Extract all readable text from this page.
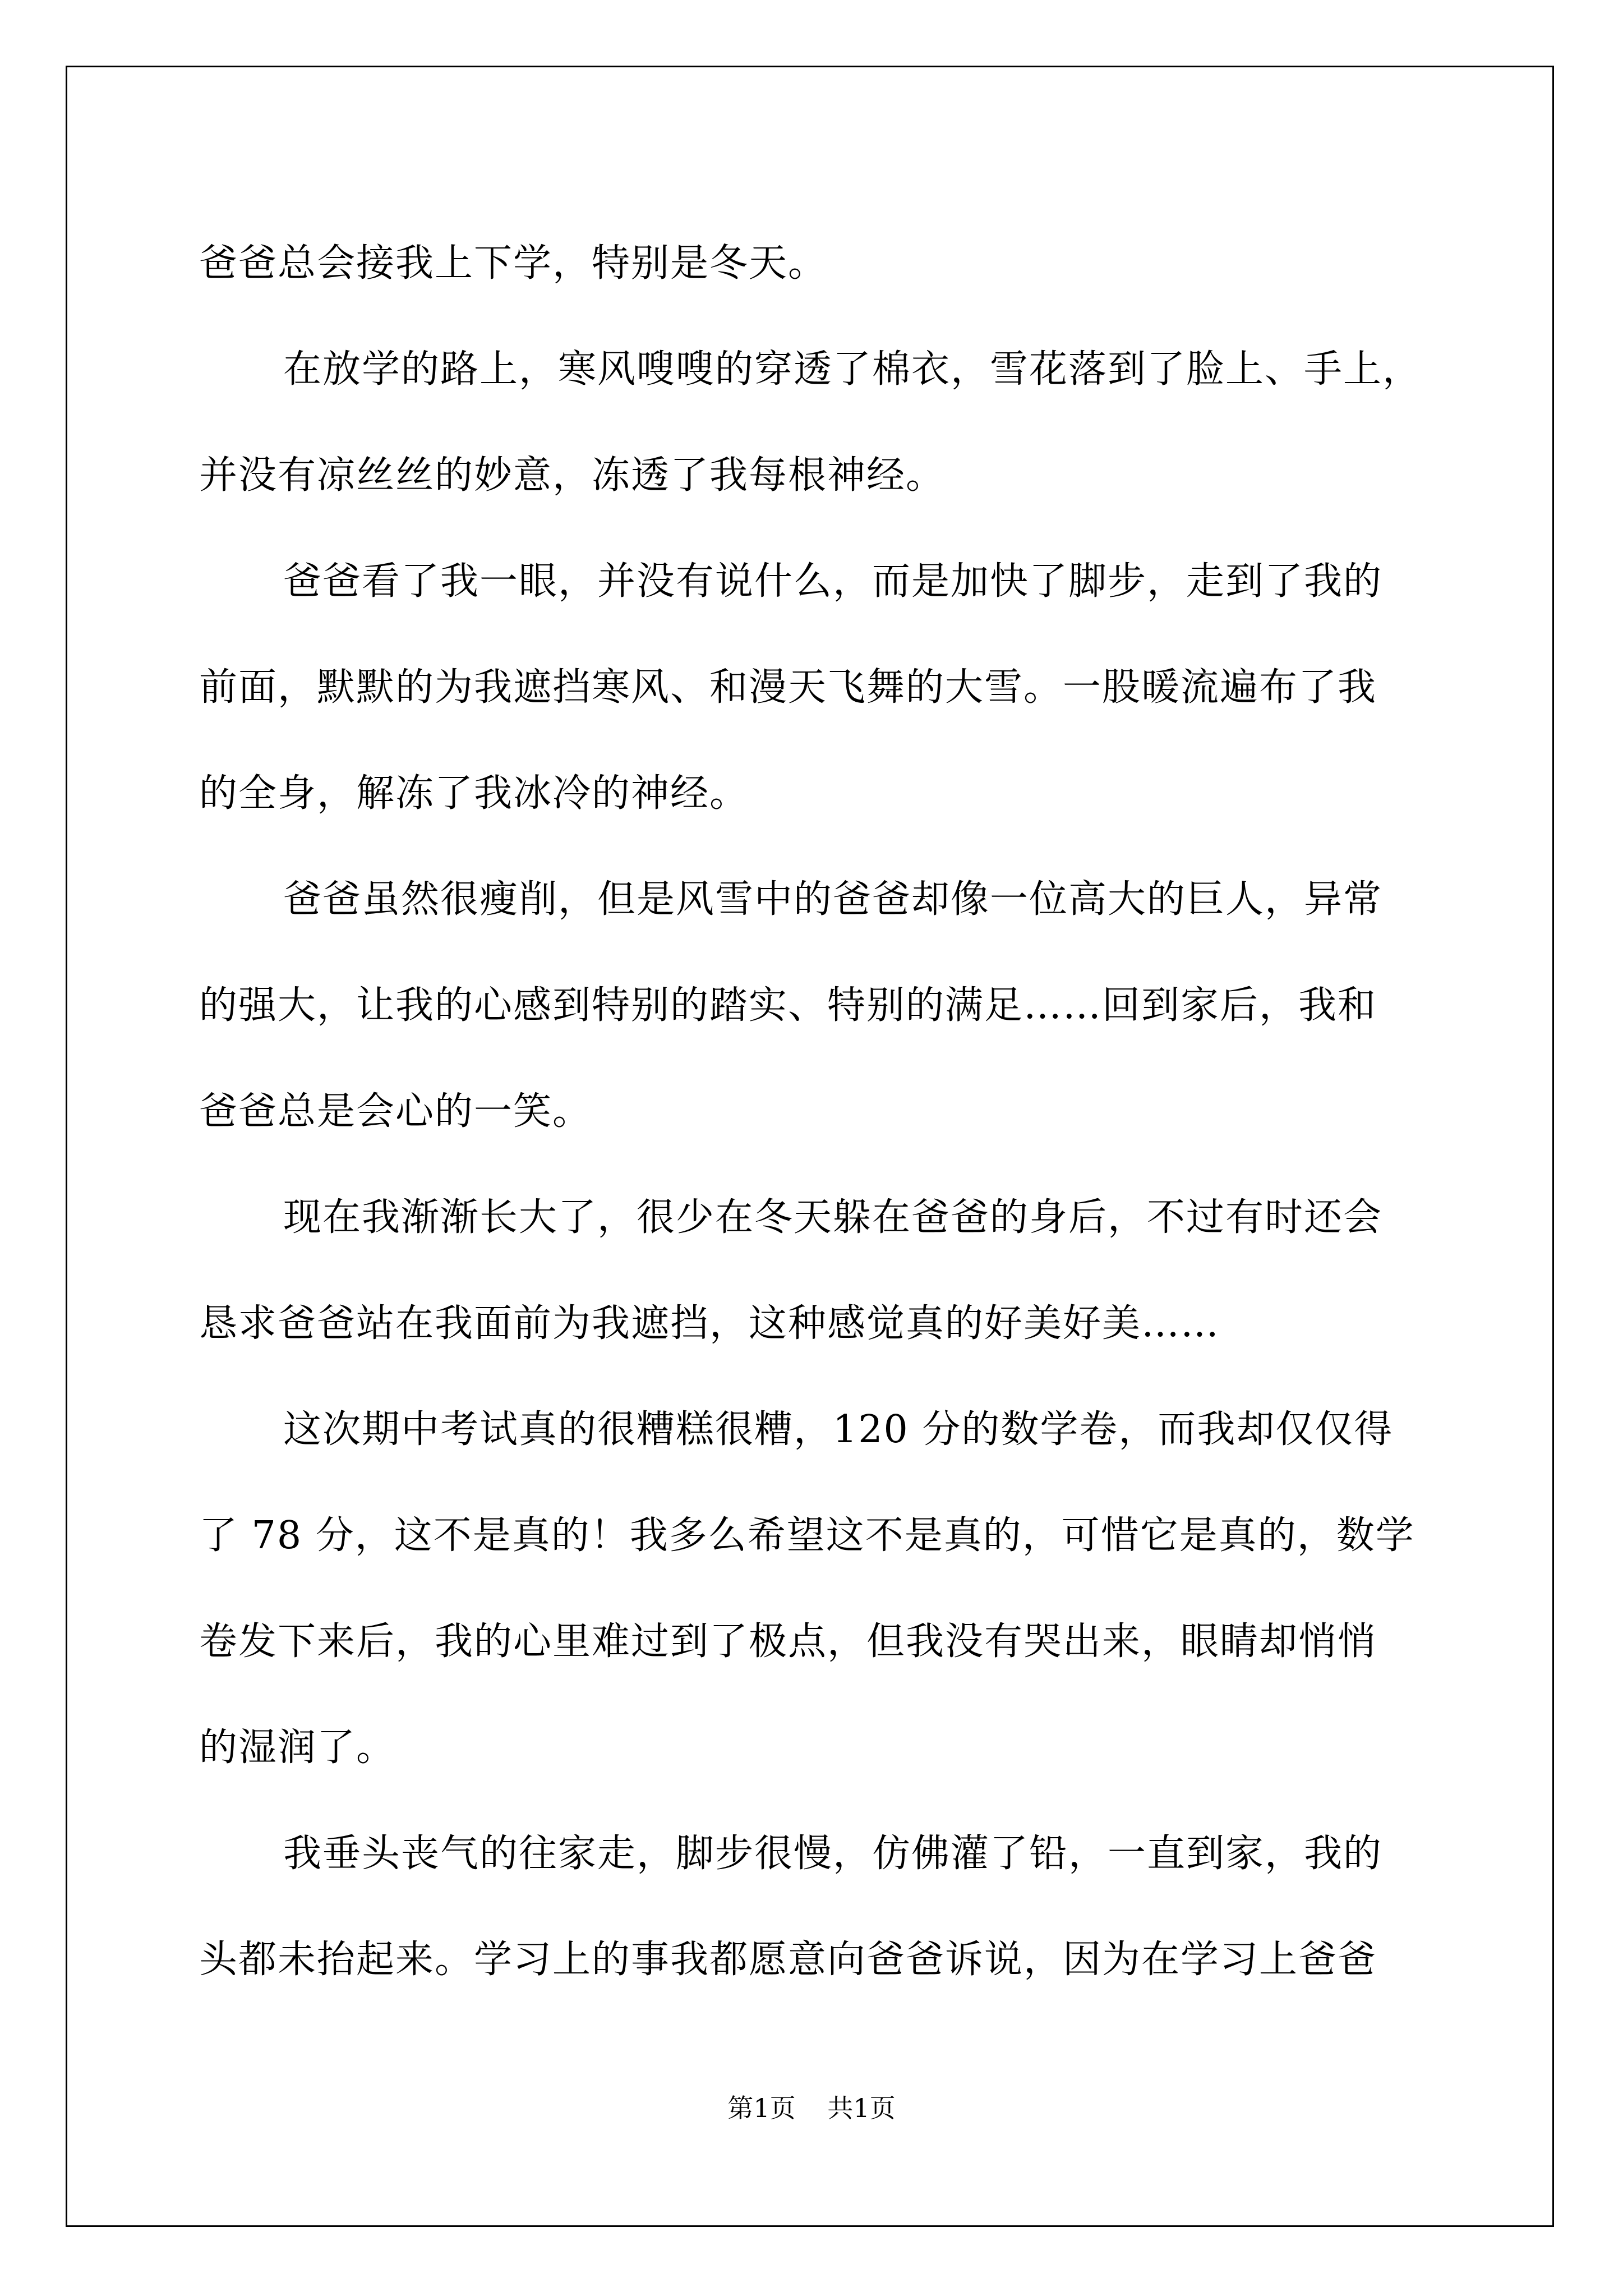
爸爸总会接我上下学，特别是冬天。
在放学的路上，寒风嗖嗖的穿透了棉衣，雪花落到了脸上、手上，
并没有凉丝丝的妙意，冻透了我每根神经。
爸爸看了我一眼，并没有说什么，而是加快了脚步，走到了我的
前面，默默的为我遮挡寒风、和漫天飞舞的大雪。一股暖流遍布了我
的全身，解冻了我冰冷的神经。
爸爸虽然很瘦削，但是风雪中的爸爸却像一位高大的巨人，异常
的强大，让我的心感到特别的踏实、特别的满足……回到家后，我和
爸爸总是会心的一笑。
现在我渐渐长大了，很少在冬天躲在爸爸的身后，不过有时还会
恳求爸爸站在我面前为我遮挡，这种感觉真的好美好美……
这次期中考试真的很糟糕很糟，120 分的数学卷，而我却仅仅得
了 78 分，这不是真的！我多么希望这不是真的，可惜它是真的，数学
卷发下来后，我的心里难过到了极点，但我没有哭出来，眼睛却悄悄
的湿润了。
我垂头丧气的往家走，脚步很慢，仿佛灌了铅，一直到家，我的
头都未抬起来。学习上的事我都愿意向爸爸诉说，因为在学习上爸爸
第1页 共1页
